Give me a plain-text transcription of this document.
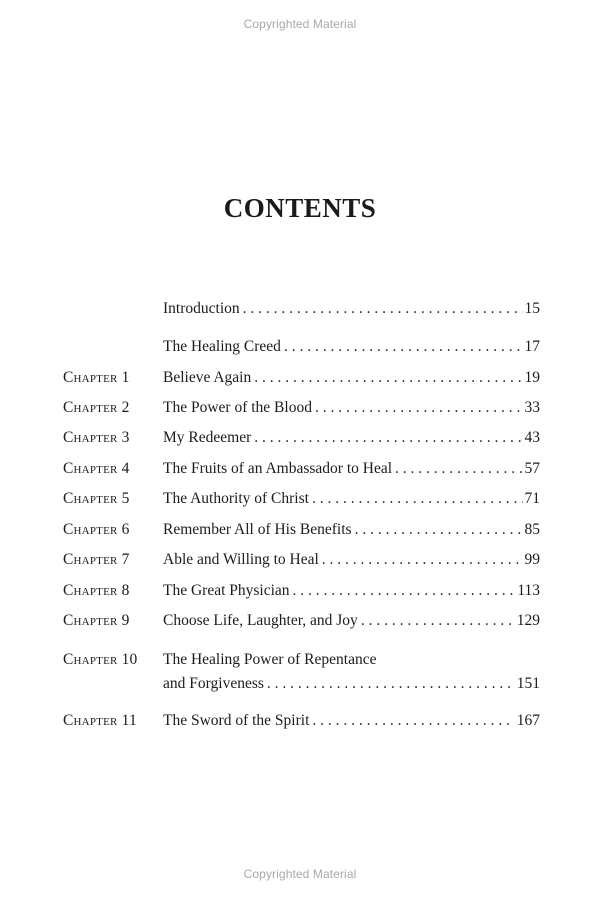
Copyrighted Material
CONTENTS
Introduction . . .	15
The Healing Creed . . .	17
Chapter 1 Believe Again . . .	19
Chapter 2 The Power of the Blood . . .	33
Chapter 3 My Redeemer . . .	43
Chapter 4 The Fruits of an Ambassador to Heal . . .	57
Chapter 5 The Authority of Christ . . .	71
Chapter 6 Remember All of His Benefits . . .	85
Chapter 7 Able and Willing to Heal . . .	99
Chapter 8 The Great Physician . . .	113
Chapter 9 Choose Life, Laughter, and Joy . . .	129
Chapter 10 The Healing Power of Repentance
and Forgiveness . . .	151
Chapter 11 The Sword of the Spirit . . .	167
Copyrighted Material
